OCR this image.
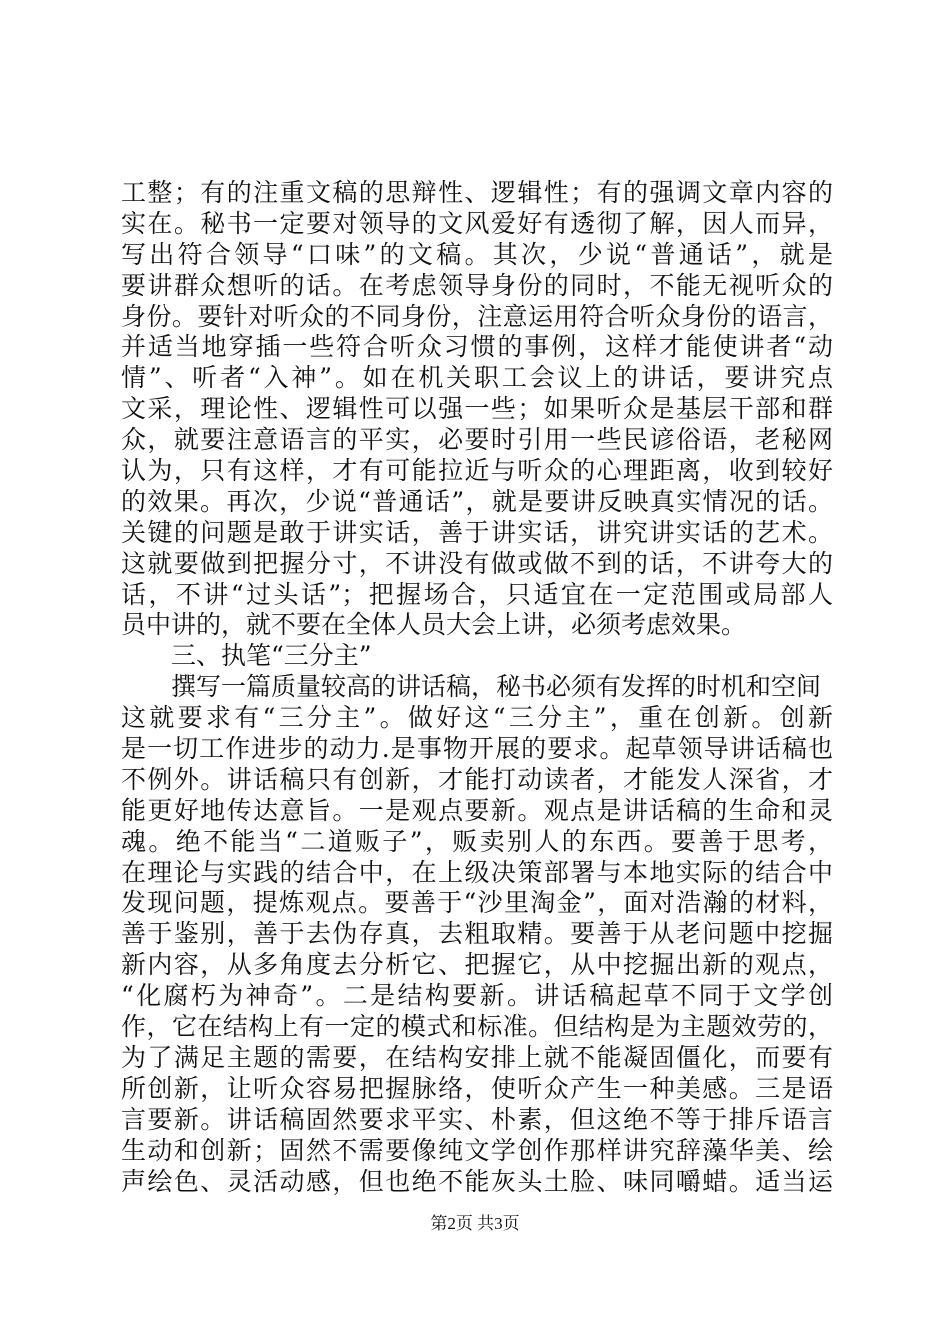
工整；有的注重文稿的思辩性、逻辑性；有的强调文章内容的
实在。秘书一定要对领导的文风爱好有透彻了解，因人而异，
写出符合领导“口味”的文稿。其次，少说“普通话”，就是
要讲群众想听的话。在考虑领导身份的同时，不能无视听众的
身份。要针对听众的不同身份，注意运用符合听众身份的语言，
并适当地穿插一些符合听众习惯的事例，这样才能使讲者“动
情”、听者“入神”。如在机关职工会议上的讲话，要讲究点
文采，理论性、逻辑性可以强一些；如果听众是基层干部和群
众，就要注意语言的平实，必要时引用一些民谚俗语，老秘网
认为，只有这样，才有可能拉近与听众的心理距离，收到较好
的效果。再次，少说“普通话”，就是要讲反映真实情况的话。
关键的问题是敢于讲实话，善于讲实话，讲究讲实话的艺术。
这就要做到把握分寸，不讲没有做或做不到的话，不讲夸大的
话，不讲“过头话”；把握场合，只适宜在一定范围或局部人
员中讲的，就不要在全体人员大会上讲，必须考虑效果。
三、执笔“三分主”
撰写一篇质量较高的讲话稿，秘书必须有发挥的时机和空间
这就要求有“三分主”。做好这“三分主”，重在创新。创新
是一切工作进步的动力.是事物开展的要求。起草领导讲话稿也
不例外。讲话稿只有创新，才能打动读者，才能发人深省，才
能更好地传达意旨。一是观点要新。观点是讲话稿的生命和灵
魂。绝不能当“二道贩子”，贩卖别人的东西。要善于思考，
在理论与实践的结合中，在上级决策部署与本地实际的结合中
发现问题，提炼观点。要善于“沙里淘金”，面对浩瀚的材料，
善于鉴别，善于去伪存真，去粗取精。要善于从老问题中挖掘
新内容，从多角度去分析它、把握它，从中挖掘出新的观点，
“化腐朽为神奇”。二是结构要新。讲话稿起草不同于文学创
作，它在结构上有一定的模式和标准。但结构是为主题效劳的，
为了满足主题的需要，在结构安排上就不能凝固僵化，而要有
所创新，让听众容易把握脉络，使听众产生一种美感。三是语
言要新。讲话稿固然要求平实、朴素，但这绝不等于排斥语言
生动和创新；固然不需要像纯文学创作那样讲究辞藻华美、绘
声绘色、灵活动感，但也绝不能灰头土脸、味同嚼蜡。适当运
第2页 共3页
